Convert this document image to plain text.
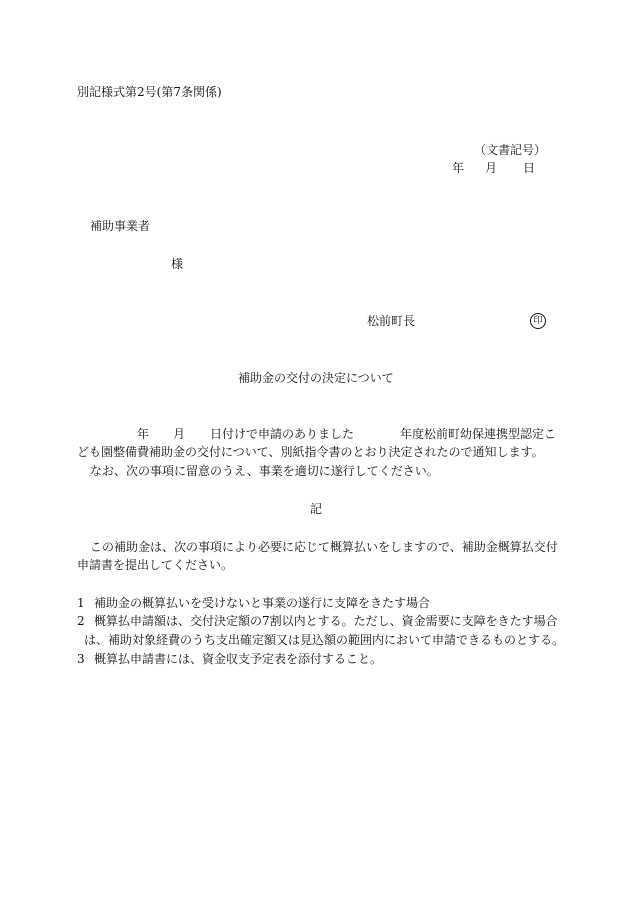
別記様式第2号(第7条関係)
（文書記号）
年 月 日
補助事業者
様
松前町長	印
補助金の交付の決定について
年 月 日付けで申請のありました	年度松前町幼保連携型認定こ
ども園整備費補助金の交付について、別紙指令書のとおり決定されたので通知します。
なお、次の事項に留意のうえ、事業を適切に遂行してください。
記
この補助金は、次の事項により必要に応じて概算払いをしますので、補助金概算払交付
申請書を提出してください。
1 補助金の概算払いを受けないと事業の遂行に支障をきたす場合
2 概算払申請額は、交付決定額の7割以内とする。ただし、資金需要に支障をきたす場合
は、補助対象経費のうち支出確定額又は見込額の範囲内において申請できるものとする。
3 概算払申請書には、資金収支予定表を添付すること。
